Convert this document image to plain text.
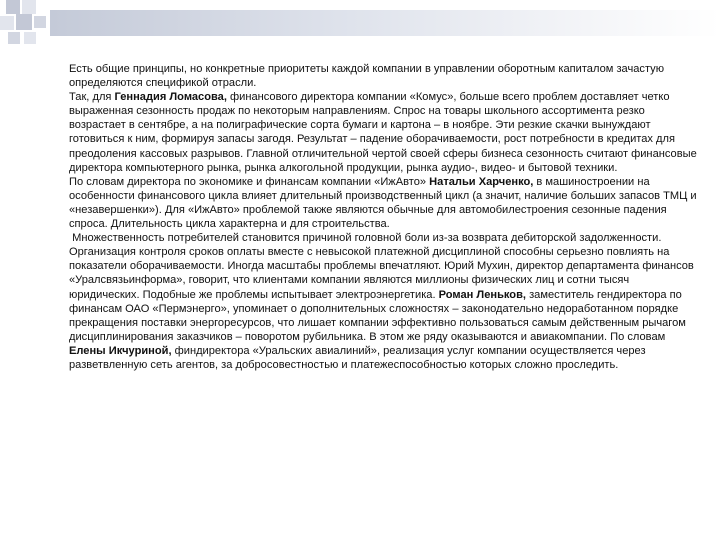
Есть общие принципы, но конкретные приоритеты каждой компании в управлении оборотным капиталом зачастую определяются спецификой отрасли.

Так, для Геннадия Ломасова, финансового директора компании «Комус», больше всего проблем доставляет четко выраженная сезонность продаж по некоторым направлениям. Спрос на товары школьного ассортимента резко возрастает в сентябре, а на полиграфические сорта бумаги и картона – в ноябре. Эти резкие скачки вынуждают готовиться к ним, формируя запасы загодя. Результат – падение оборачиваемости, рост потребности в кредитах для преодоления кассовых разрывов. Главной отличительной чертой своей сферы бизнеса сезонность считают финансовые директора компьютерного рынка, рынка алкогольной продукции, рынка аудио-, видео- и бытовой техники.

По словам директора по экономике и финансам компании «ИжАвто» Натальи Харченко, в машиностроении на особенности финансового цикла влияет длительный производственный цикл (а значит, наличие больших запасов ТМЦ и «незавершенки»). Для «ИжАвто» проблемой также являются обычные для автомобилестроения сезонные падения спроса. Длительность цикла характерна и для строительства.

Множественность потребителей становится причиной головной боли из-за возврата дебиторской задолженности. Организация контроля сроков оплаты вместе с невысокой платежной дисциплиной способны серьезно повлиять на показатели оборачиваемости. Иногда масштабы проблемы впечатляют. Юрий Мухин, директор департамента финансов «Уралсвязьинформа», говорит, что клиентами компании являются миллионы физических лиц и сотни тысяч юридических. Подобные же проблемы испытывает электроэнергетика. Роман Леньков, заместитель гендиректора по финансам ОАО «Пермэнерго», упоминает о дополнительных сложностях – законодательно недоработанном порядке прекращения поставки энергоресурсов, что лишает компании эффективно пользоваться самым действенным рычагом дисциплинирования заказчиков – поворотом рубильника. В этом же ряду оказываются и авиакомпании. По словам Елены Икчуриной, финдиректора «Уральских авиалиний», реализация услуг компании осуществляется через разветвленную сеть агентов, за добросовестностью и платежеспособностью которых сложно проследить.
